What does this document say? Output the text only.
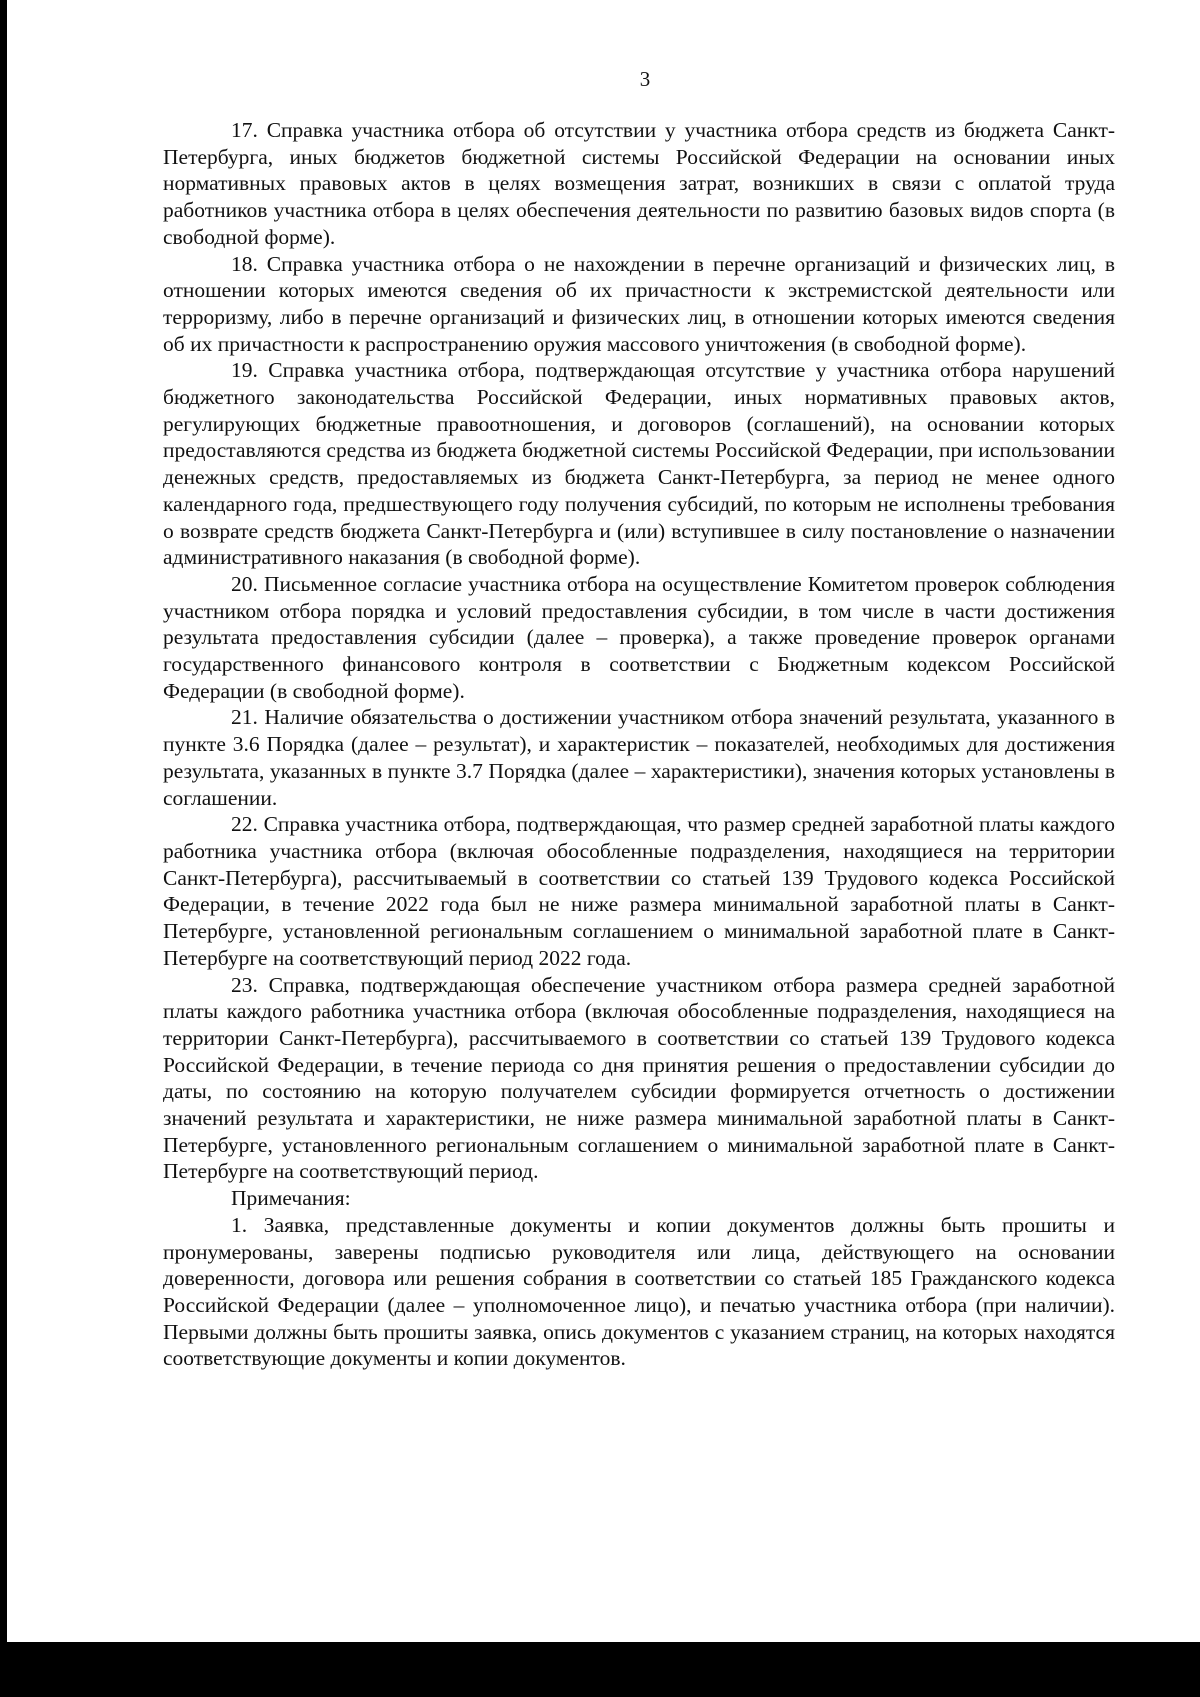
3

17. Справка участника отбора об отсутствии у участника отбора средств из бюджета Санкт-Петербурга, иных бюджетов бюджетной системы Российской Федерации на основании иных нормативных правовых актов в целях возмещения затрат, возникших в связи с оплатой труда работников участника отбора в целях обеспечения деятельности по развитию базовых видов спорта (в свободной форме).

18. Справка участника отбора о не нахождении в перечне организаций и физических лиц, в отношении которых имеются сведения об их причастности к экстремистской деятельности или терроризму, либо в перечне организаций и физических лиц, в отношении которых имеются сведения об их причастности к распространению оружия массового уничтожения (в свободной форме).

19. Справка участника отбора, подтверждающая отсутствие у участника отбора нарушений бюджетного законодательства Российской Федерации, иных нормативных правовых актов, регулирующих бюджетные правоотношения, и договоров (соглашений), на основании которых предоставляются средства из бюджета бюджетной системы Российской Федерации, при использовании денежных средств, предоставляемых из бюджета Санкт-Петербурга, за период не менее одного календарного года, предшествующего году получения субсидий, по которым не исполнены требования о возврате средств бюджета Санкт-Петербурга и (или) вступившее в силу постановление о назначении административного наказания (в свободной форме).

20. Письменное согласие участника отбора на осуществление Комитетом проверок соблюдения участником отбора порядка и условий предоставления субсидии, в том числе в части достижения результата предоставления субсидии (далее – проверка), а также проведение проверок органами государственного финансового контроля в соответствии с Бюджетным кодексом Российской Федерации (в свободной форме).

21. Наличие обязательства о достижении участником отбора значений результата, указанного в пункте 3.6 Порядка (далее – результат), и характеристик – показателей, необходимых для достижения результата, указанных в пункте 3.7 Порядка (далее – характеристики), значения которых установлены в соглашении.

22. Справка участника отбора, подтверждающая, что размер средней заработной платы каждого работника участника отбора (включая обособленные подразделения, находящиеся на территории Санкт-Петербурга), рассчитываемый в соответствии со статьей 139 Трудового кодекса Российской Федерации, в течение 2022 года был не ниже размера минимальной заработной платы в Санкт-Петербурге, установленной региональным соглашением о минимальной заработной плате в Санкт-Петербурге на соответствующий период 2022 года.

23. Справка, подтверждающая обеспечение участником отбора размера средней заработной платы каждого работника участника отбора (включая обособленные подразделения, находящиеся на территории Санкт-Петербурга), рассчитываемого в соответствии со статьей 139 Трудового кодекса Российской Федерации, в течение периода со дня принятия решения о предоставлении субсидии до даты, по состоянию на которую получателем субсидии формируется отчетность о достижении значений результата и характеристики, не ниже размера минимальной заработной платы в Санкт-Петербурге, установленного региональным соглашением о минимальной заработной плате в Санкт-Петербурге на соответствующий период.

Примечания:

1. Заявка, представленные документы и копии документов должны быть прошиты и пронумерованы, заверены подписью руководителя или лица, действующего на основании доверенности, договора или решения собрания в соответствии со статьей 185 Гражданского кодекса Российской Федерации (далее – уполномоченное лицо), и печатью участника отбора (при наличии). Первыми должны быть прошиты заявка, опись документов с указанием страниц, на которых находятся соответствующие документы и копии документов.
